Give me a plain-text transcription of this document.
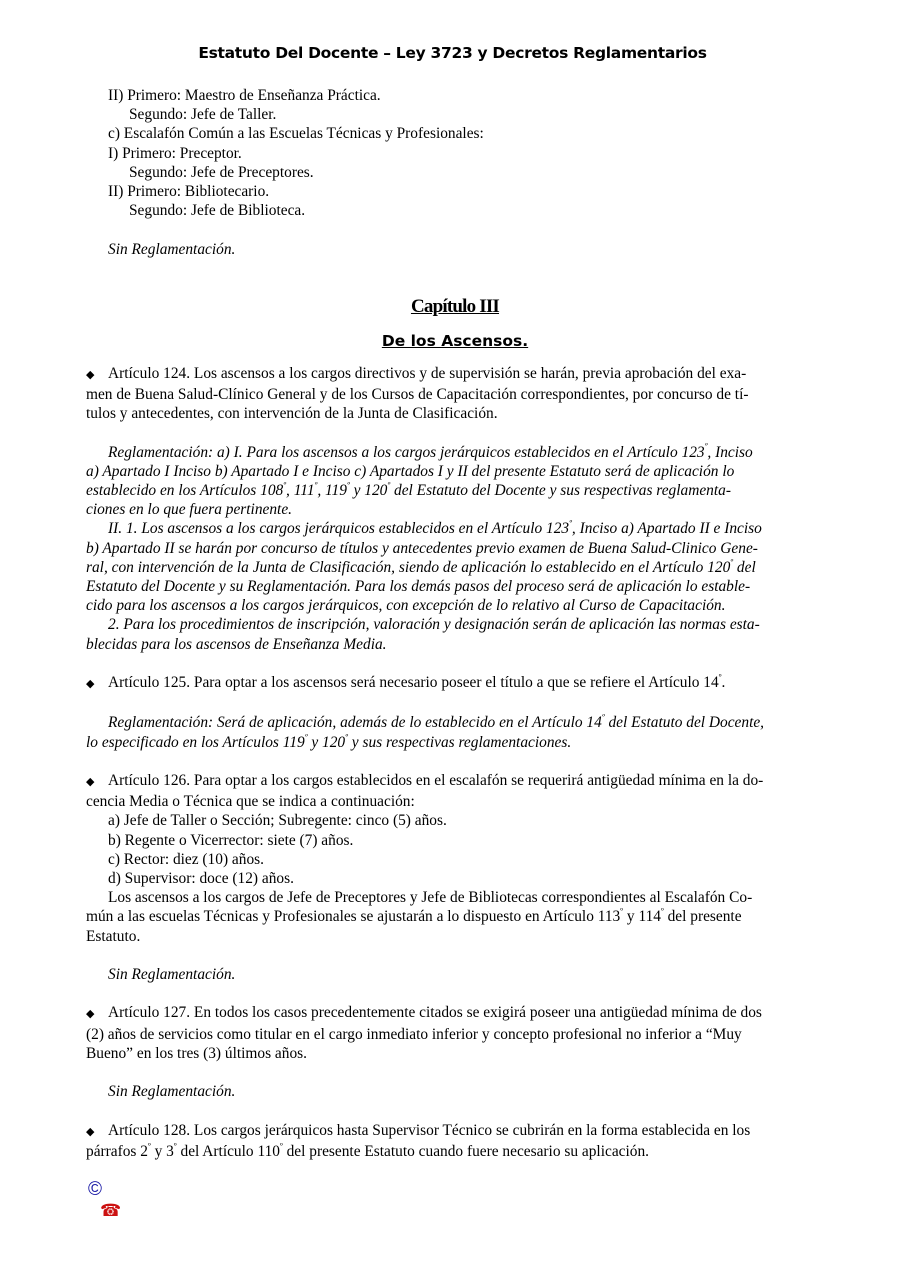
Estatuto Del Docente – Ley 3723 y Decretos Reglamentarios
II) Primero: Maestro de Enseñanza Práctica.
Segundo: Jefe de Taller.
c) Escalafón Común a las Escuelas Técnicas y Profesionales:
I) Primero: Preceptor.
Segundo: Jefe de Preceptores.
II) Primero: Bibliotecario.
Segundo: Jefe de Biblioteca.
Sin Reglamentación.
Capítulo III
De los Ascensos.
◆ Artículo 124. Los ascensos a los cargos directivos y de supervisión se harán, previa aprobación del exa-
men de Buena Salud-Clínico General y de los Cursos de Capacitación correspondientes, por concurso de tí-
tulos y antecedentes, con intervención de la Junta de Clasificación.
Reglamentación: a) I. Para los ascensos a los cargos jerárquicos establecidos en el Artículo $123^º$, Inciso
a) Apartado I Inciso b) Apartado I e Inciso c) Apartados I y II del presente Estatuto será de aplicación lo
establecido en los Artículos $108^º$, $111^º$, $119^º$ y $120^º$ del Estatuto del Docente y sus respectivas reglamenta-
ciones en lo que fuera pertinente.
II. 1. Los ascensos a los cargos jerárquicos establecidos en el Artículo $123^º$, Inciso a) Apartado II e Inciso
b) Apartado II se harán por concurso de títulos y antecedentes previo examen de Buena Salud-Clinico Gene-
ral, con intervención de la Junta de Clasificación, siendo de aplicación lo establecido en el Artículo $120^º$ del
Estatuto del Docente y su Reglamentación. Para los demás pasos del proceso será de aplicación lo estable-
cido para los ascensos a los cargos jerárquicos, con excepción de lo relativo al Curso de Capacitación.
2. Para los procedimientos de inscripción, valoración y designación serán de aplicación las normas esta-
blecidas para los ascensos de Enseñanza Media.
◆ Artículo 125. Para optar a los ascensos será necesario poseer el título a que se refiere el Artículo $14^º$.
Reglamentación: Será de aplicación, además de lo establecido en el Artículo $14^º$ del Estatuto del Docente,
lo especificado en los Artículos $119^º$ y $120^º$ y sus respectivas reglamentaciones.
◆ Artículo 126. Para optar a los cargos establecidos en el escalafón se requerirá antigüedad mínima en la do-
cencia Media o Técnica que se indica a continuación:
a) Jefe de Taller o Sección; Subregente: cinco (5) años.
b) Regente o Vicerrector: siete (7) años.
c) Rector: diez (10) años.
d) Supervisor: doce (12) años.
Los ascensos a los cargos de Jefe de Preceptores y Jefe de Bibliotecas correspondientes al Escalafón Co-
mún a las escuelas Técnicas y Profesionales se ajustarán a lo dispuesto en Artículo $113^º$ y $114^º$ del presente
Estatuto.
Sin Reglamentación.
◆ Artículo 127. En todos los casos precedentemente citados se exigirá poseer una antigüedad mínima de dos
(2) años de servicios como titular en el cargo inmediato inferior y concepto profesional no inferior a “Muy
Bueno” en los tres (3) últimos años.
Sin Reglamentación.
◆ Artículo 128. Los cargos jerárquicos hasta Supervisor Técnico se cubrirán en la forma establecida en los
párrafos $2^º$ y $3^º$ del Artículo $110^º$ del presente Estatuto cuando fuere necesario su aplicación.
©
☎
